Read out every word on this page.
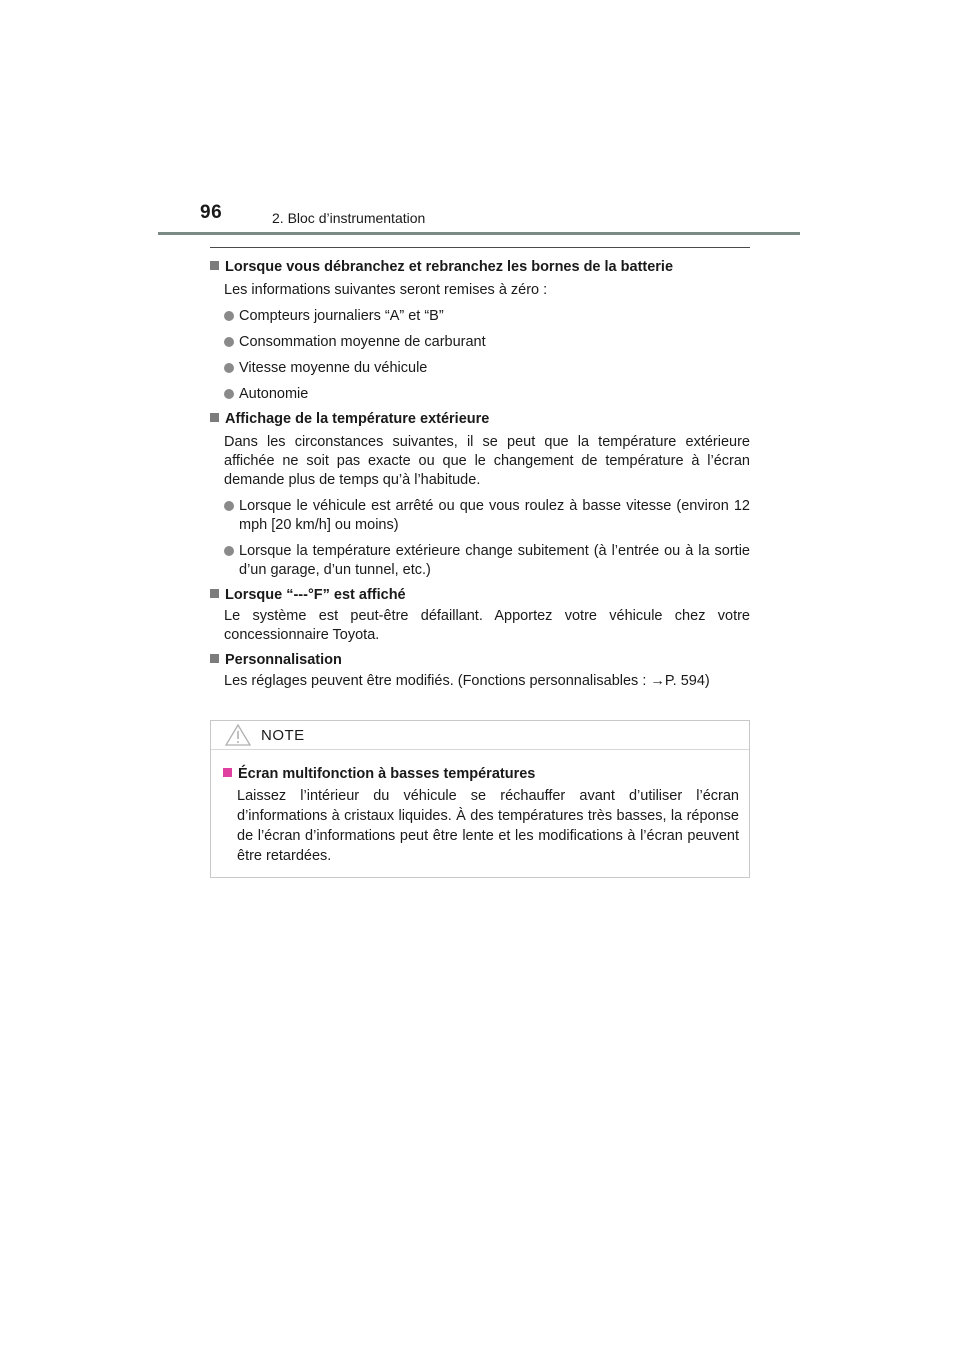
96	2. Bloc d’instrumentation
Lorsque vous débranchez et rebranchez les bornes de la batterie
Les informations suivantes seront remises à zéro :
Compteurs journaliers “A” et “B”
Consommation moyenne de carburant
Vitesse moyenne du véhicule
Autonomie
Affichage de la température extérieure
Dans les circonstances suivantes, il se peut que la température extérieure affichée ne soit pas exacte ou que le changement de température à l’écran demande plus de temps qu’à l’habitude.
Lorsque le véhicule est arrêté ou que vous roulez à basse vitesse (environ 12 mph [20 km/h] ou moins)
Lorsque la température extérieure change subitement (à l’entrée ou à la sortie d’un garage, d’un tunnel, etc.)
Lorsque “---°F” est affiché
Le système est peut-être défaillant. Apportez votre véhicule chez votre concessionnaire Toyota.
Personnalisation
Les réglages peuvent être modifiés. (Fonctions personnalisables : →P. 594)
NOTE
Écran multifonction à basses températures
Laissez l’intérieur du véhicule se réchauffer avant d’utiliser l’écran d’informations à cristaux liquides. À des températures très basses, la réponse de l’écran d’informations peut être lente et les modifications à l’écran peuvent être retardées.
